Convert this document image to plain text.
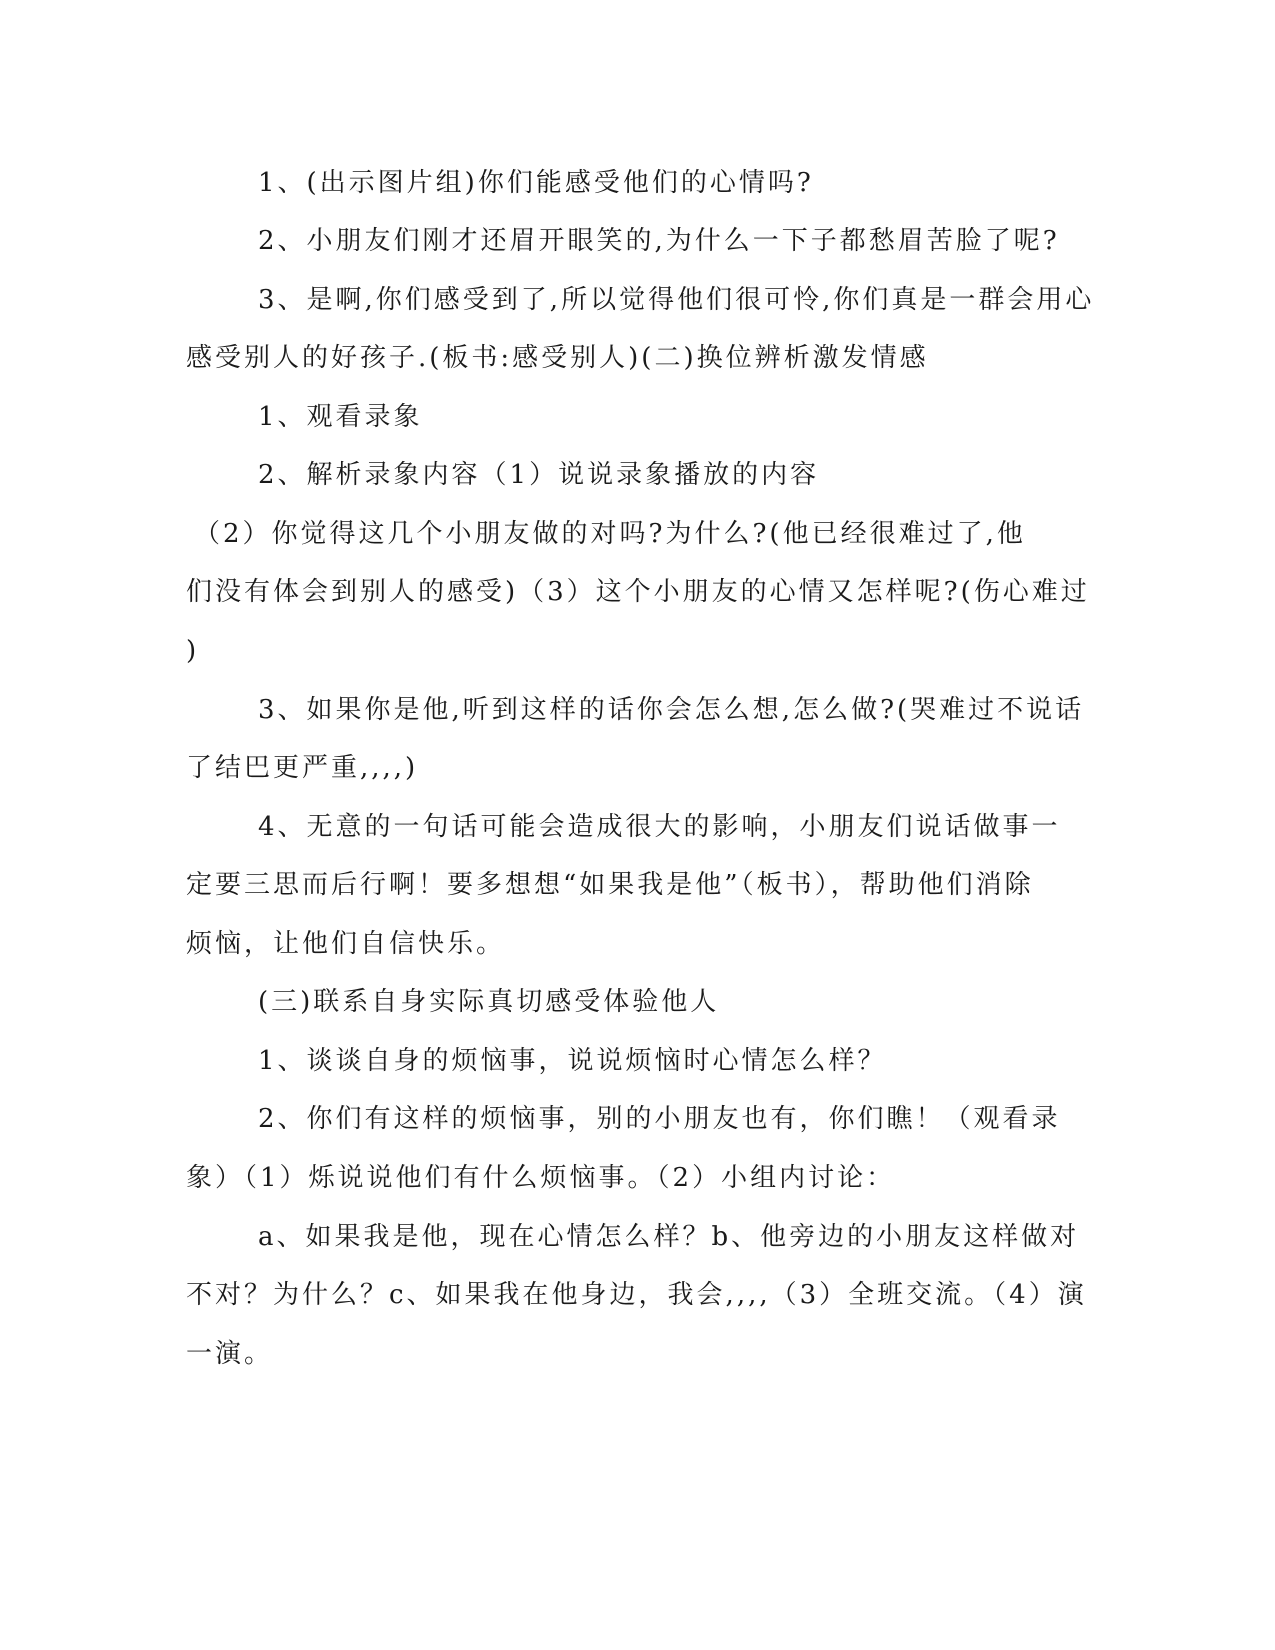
1、(出示图片组)你们能感受他们的心情吗?
2、小朋友们刚才还眉开眼笑的,为什么一下子都愁眉苦脸了呢?
3、是啊,你们感受到了,所以觉得他们很可怜,你们真是一群会用心
感受别人的好孩子.(板书:感受别人)(二)换位辨析激发情感
1、观看录象
2、解析录象内容（1）说说录象播放的内容
（2）你觉得这几个小朋友做的对吗?为什么?(他已经很难过了,他
们没有体会到别人的感受)（3）这个小朋友的心情又怎样呢?(伤心难过
)
3、如果你是他,听到这样的话你会怎么想,怎么做?(哭难过不说话
了结巴更严重,,,,)
4、无意的一句话可能会造成很大的影响，小朋友们说话做事一
定要三思而后行啊！要多想想“如果我是他”（板书），帮助他们消除
烦恼，让他们自信快乐。
(三)联系自身实际真切感受体验他人
1、谈谈自身的烦恼事，说说烦恼时心情怎么样？
2、你们有这样的烦恼事，别的小朋友也有，你们瞧！（观看录
象）（1）烁说说他们有什么烦恼事。（2）小组内讨论：
a、如果我是他，现在心情怎么样？b、他旁边的小朋友这样做对
不对？为什么？c、如果我在他身边，我会,,,,（3）全班交流。（4）演
一演。
